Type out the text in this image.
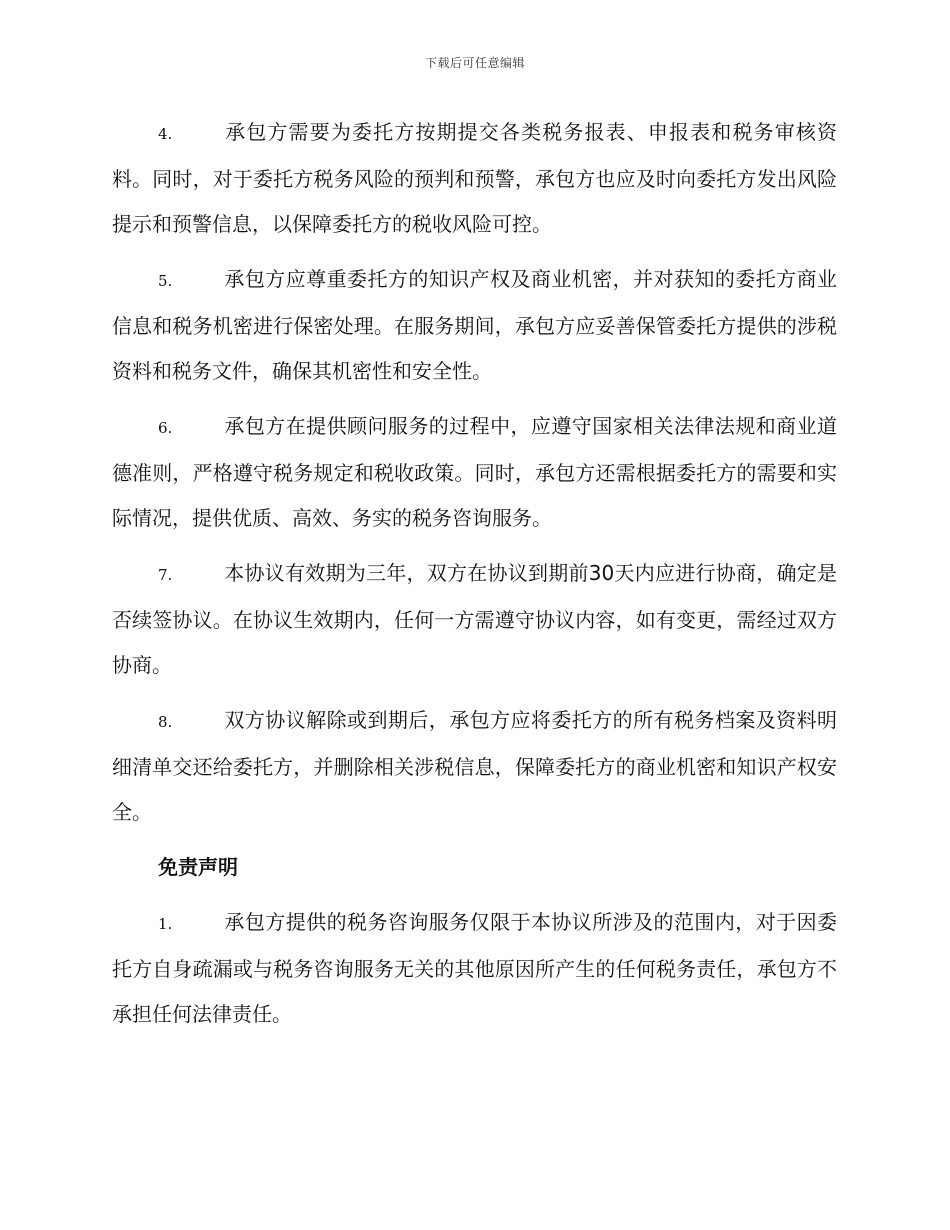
下载后可任意编辑

4.	承包方需要为委托方按期提交各类税务报表、申报表和税务审核资料。同时，对于委托方税务风险的预判和预警，承包方也应及时向委托方发出风险提示和预警信息，以保障委托方的税收风险可控。

5.	承包方应尊重委托方的知识产权及商业机密，并对获知的委托方商业信息和税务机密进行保密处理。在服务期间，承包方应妥善保管委托方提供的涉税资料和税务文件，确保其机密性和安全性。

6.	承包方在提供顾问服务的过程中，应遵守国家相关法律法规和商业道德准则，严格遵守税务规定和税收政策。同时，承包方还需根据委托方的需要和实际情况，提供优质、高效、务实的税务咨询服务。

7.	本协议有效期为三年，双方在协议到期前30天内应进行协商，确定是否续签协议。在协议生效期内，任何一方需遵守协议内容，如有变更，需经过双方协商。

8.	双方协议解除或到期后，承包方应将委托方的所有税务档案及资料明细清单交还给委托方，并删除相关涉税信息，保障委托方的商业机密和知识产权安全。

免责声明

1.	承包方提供的税务咨询服务仅限于本协议所涉及的范围内，对于因委托方自身疏漏或与税务咨询服务无关的其他原因所产生的任何税务责任，承包方不承担任何法律责任。
